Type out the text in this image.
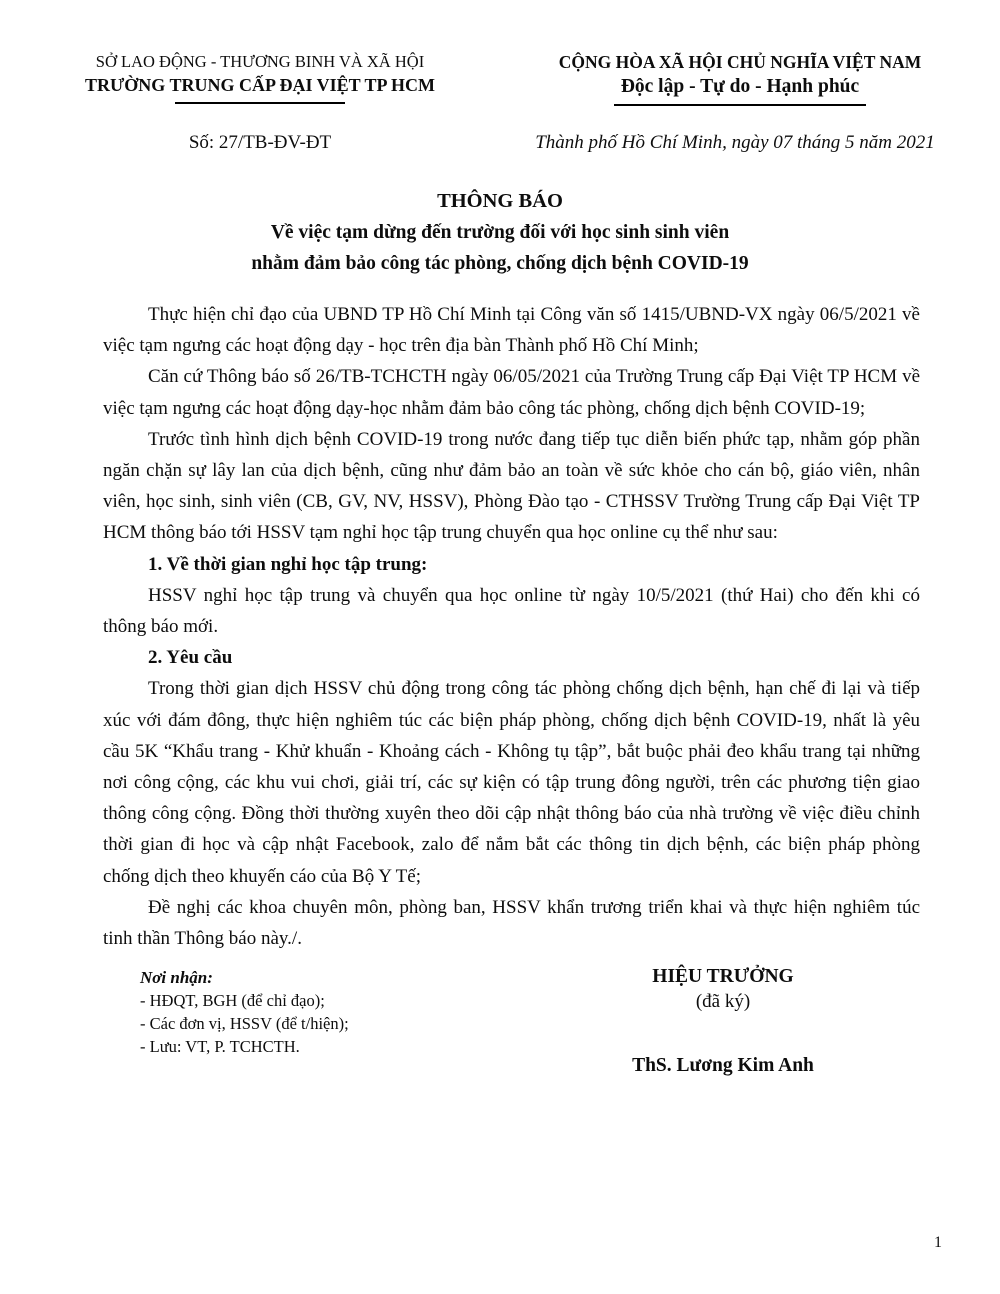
SỞ LAO ĐỘNG - THƯƠNG BINH VÀ XÃ HỘI
TRƯỜNG TRUNG CẤP ĐẠI VIỆT TP HCM
CỘNG HÒA XÃ HỘI CHỦ NGHĨA VIỆT NAM
Độc lập - Tự do - Hạnh phúc
Số: 27/TB-ĐV-ĐT	Thành phố Hồ Chí Minh, ngày 07 tháng 5 năm 2021
THÔNG BÁO
Về việc tạm dừng đến trường đối với học sinh sinh viên
nhằm đảm bảo công tác phòng, chống dịch bệnh COVID-19

Thực hiện chỉ đạo của UBND TP Hồ Chí Minh tại Công văn số 1415/UBND-VX ngày 06/5/2021 về việc tạm ngưng các hoạt động dạy - học trên địa bàn Thành phố Hồ Chí Minh;

Căn cứ Thông báo số 26/TB-TCHCTH ngày 06/05/2021 của Trường Trung cấp Đại Việt TP HCM về việc tạm ngưng các hoạt động dạy-học nhằm đảm bảo công tác phòng, chống dịch bệnh COVID-19;

Trước tình hình dịch bệnh COVID-19 trong nước đang tiếp tục diễn biến phức tạp, nhằm góp phần ngăn chặn sự lây lan của dịch bệnh, cũng như đảm bảo an toàn về sức khỏe cho cán bộ, giáo viên, nhân viên, học sinh, sinh viên (CB, GV, NV, HSSV), Phòng Đào tạo - CTHSSV Trường Trung cấp Đại Việt TP HCM thông báo tới HSSV tạm nghỉ học tập trung chuyển qua học online cụ thể như sau:

1. Về thời gian nghỉ học tập trung:

HSSV nghỉ học tập trung và chuyển qua học online từ ngày 10/5/2021 (thứ Hai) cho đến khi có thông báo mới.

2. Yêu cầu

Trong thời gian dịch HSSV chủ động trong công tác phòng chống dịch bệnh, hạn chế đi lại và tiếp xúc với đám đông, thực hiện nghiêm túc các biện pháp phòng, chống dịch bệnh COVID-19, nhất là yêu cầu 5K “Khẩu trang - Khử khuẩn - Khoảng cách - Không tụ tập”, bắt buộc phải đeo khẩu trang tại những nơi công cộng, các khu vui chơi, giải trí, các sự kiện có tập trung đông người, trên các phương tiện giao thông công cộng. Đồng thời thường xuyên theo dõi cập nhật thông báo của nhà trường về việc điều chỉnh thời gian đi học và cập nhật Facebook, zalo để nắm bắt các thông tin dịch bệnh, các biện pháp phòng chống dịch theo khuyến cáo của Bộ Y Tế;

Đề nghị các khoa chuyên môn, phòng ban, HSSV khẩn trương triển khai và thực hiện nghiêm túc tinh thần Thông báo này./.

Nơi nhận:
- HĐQT, BGH (để chỉ đạo);
- Các đơn vị, HSSV (để t/hiện);
- Lưu: VT, P. TCHCTH.
HIỆU TRƯỞNG
(đã ký)
ThS. Lương Kim Anh
1
